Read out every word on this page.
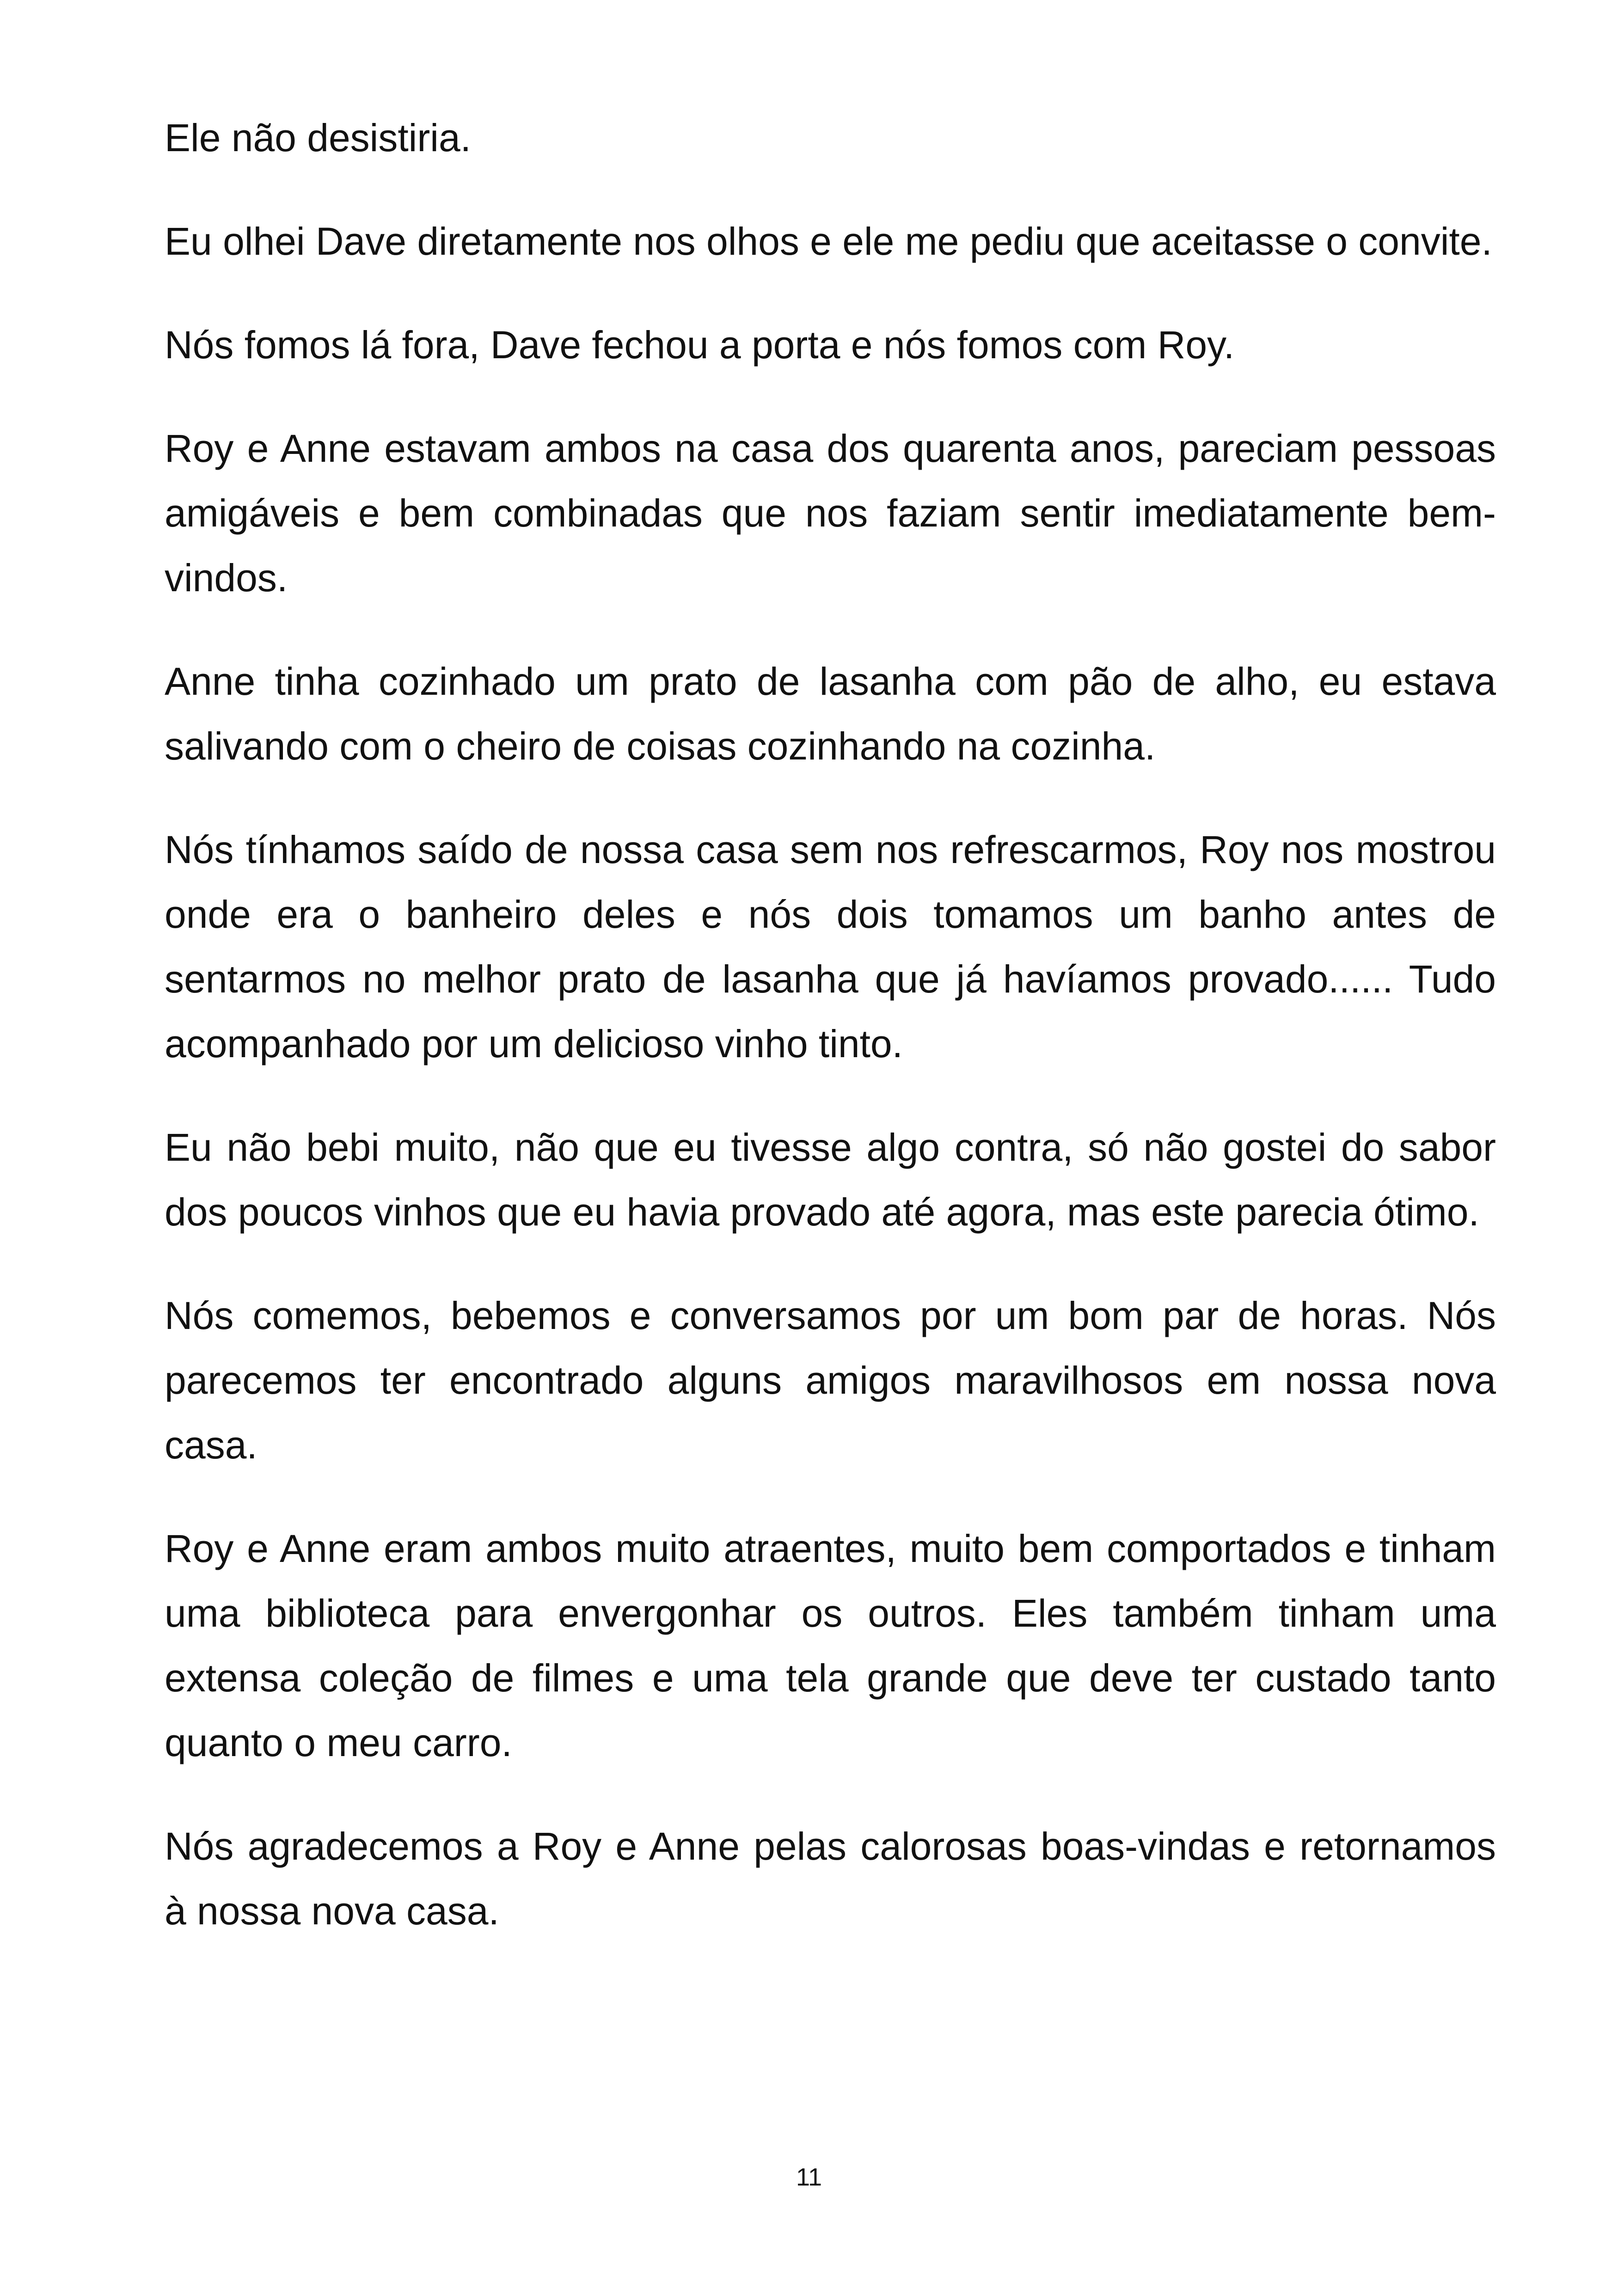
Ele não desistiria.

Eu olhei Dave diretamente nos olhos e ele me pediu que aceitasse o convite.

Nós fomos lá fora, Dave fechou a porta e nós fomos com Roy.

Roy e Anne estavam ambos na casa dos quarenta anos, pareciam pessoas amigáveis e bem combinadas que nos faziam sentir imediatamente bem-vindos.

Anne tinha cozinhado um prato de lasanha com pão de alho, eu estava salivando com o cheiro de coisas cozinhando na cozinha.

Nós tínhamos saído de nossa casa sem nos refrescarmos, Roy nos mostrou onde era o banheiro deles e nós dois tomamos um banho antes de sentarmos no melhor prato de lasanha que já havíamos provado...... Tudo acompanhado por um delicioso vinho tinto.

Eu não bebi muito, não que eu tivesse algo contra, só não gostei do sabor dos poucos vinhos que eu havia provado até agora, mas este parecia ótimo.

Nós comemos, bebemos e conversamos por um bom par de horas. Nós parecemos ter encontrado alguns amigos maravilhosos em nossa nova casa.

Roy e Anne eram ambos muito atraentes, muito bem comportados e tinham uma biblioteca para envergonhar os outros. Eles também tinham uma extensa coleção de filmes e uma tela grande que deve ter custado tanto quanto o meu carro.

Nós agradecemos a Roy e Anne pelas calorosas boas-vindas e retornamos à nossa nova casa.

11
